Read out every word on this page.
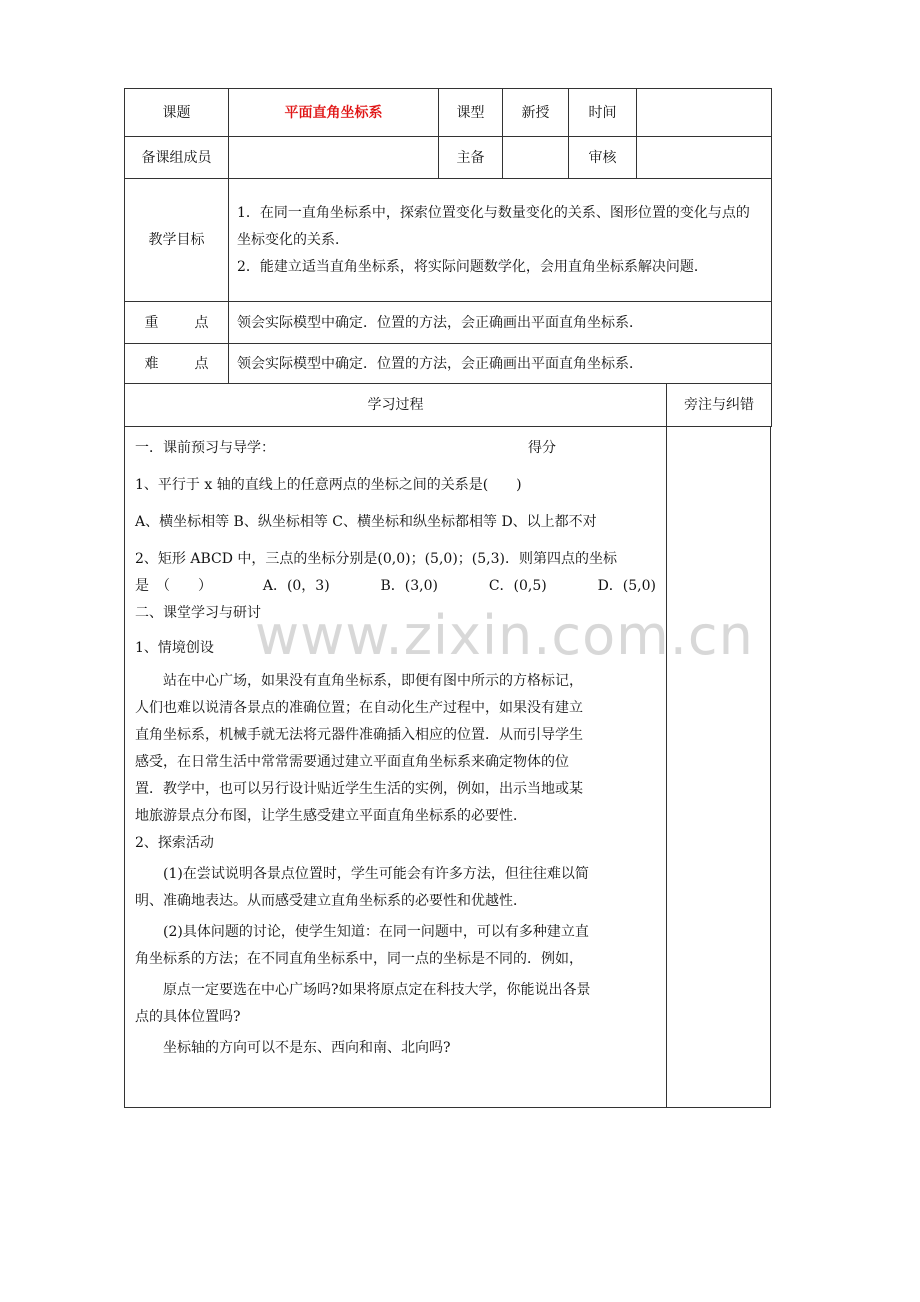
课题	平面直角坐标系	课型	新授	时间	
备课组成员		主备		审核	
教学目标	1．在同一直角坐标系中，探索位置变化与数量变化的关系、图形位置的变化与点的坐标变化的关系．
2．能建立适当直角坐标系，将实际问题数学化，会用直角坐标系解决问题．				

重 点	领会实际模型中确定．位置的方法，会正确画出平面直角坐标系．				
难 点	领会实际模型中确定．位置的方法，会正确画出平面直角坐标系．				
学习过程	旁注与纠错

一．课前预习与导学：	得分

1、平行于 x 轴的直线上的任意两点的坐标之间的关系是(　　)

A、横坐标相等 B、纵坐标相等 C、横坐标和纵坐标都相等 D、以上都不对

2、矩形 ABCD 中，三点的坐标分别是(0,0)；(5,0)；(5,3)．则第四点的坐标

是　（　　）	A．(0，3)	B．(3,0)	C．(0,5)	D．(5,0)

二、课堂学习与研讨

1、情境创设

站在中心广场，如果没有直角坐标系，即便有图中所示的方格标记，

人们也难以说清各景点的准确位置；在自动化生产过程中，如果没有建立

直角坐标系，机械手就无法将元器件准确插入相应的位置．从而引导学生

感受，在日常生活中常常需要通过建立平面直角坐标系来确定物体的位

置．教学中，也可以另行设计贴近学生生活的实例，例如，出示当地或某

地旅游景点分布图，让学生感受建立平面直角坐标系的必要性．

2、探索活动

(1)在尝试说明各景点位置时，学生可能会有许多方法，但往往难以简

明、准确地表达。从而感受建立直角坐标系的必要性和优越性．

(2)具体问题的讨论，使学生知道：在同一问题中，可以有多种建立直

角坐标系的方法；在不同直角坐标系中，同一点的坐标是不同的．例如，

原点一定要选在中心广场吗?如果将原点定在科技大学，你能说出各景

点的具体位置吗?

坐标轴的方向可以不是东、西向和南、北向吗?

www.zixin.com.cn
